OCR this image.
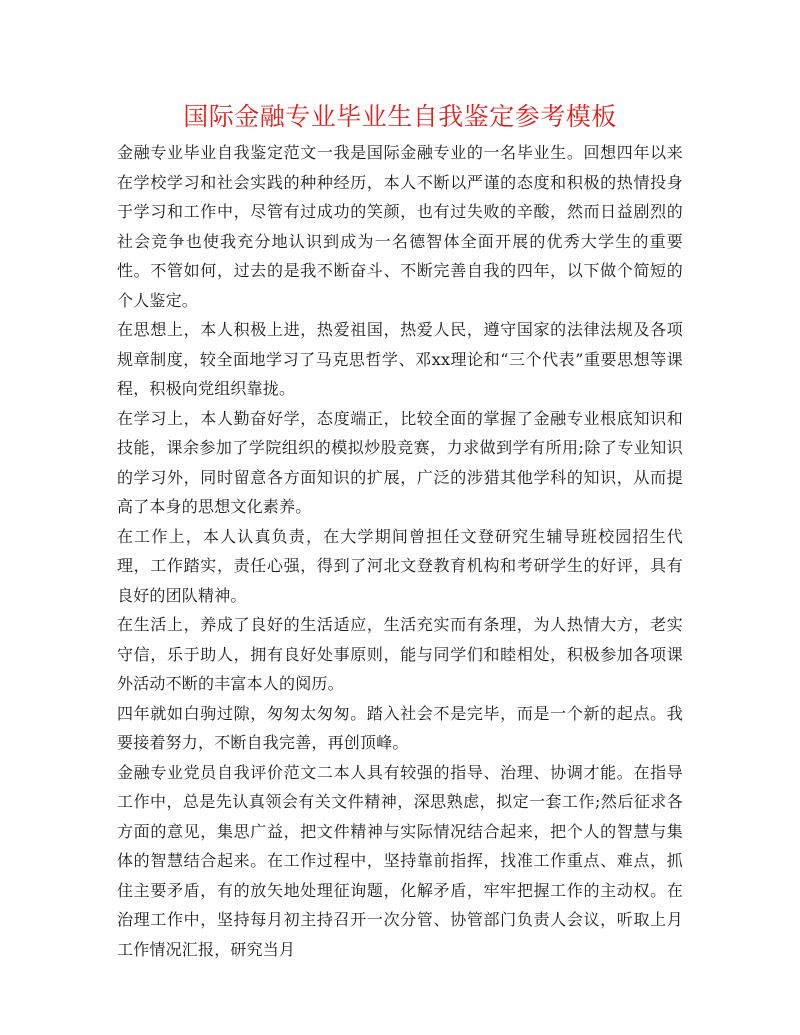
国际金融专业毕业生自我鉴定参考模板

金融专业毕业自我鉴定范文一我是国际金融专业的一名毕业生。回想四年以来在学校学习和社会实践的种种经历，本人不断以严谨的态度和积极的热情投身于学习和工作中，尽管有过成功的笑颜，也有过失败的辛酸，然而日益剧烈的社会竞争也使我充分地认识到成为一名德智体全面开展的优秀大学生的重要性。不管如何，过去的是我不断奋斗、不断完善自我的四年，以下做个简短的个人鉴定。

在思想上，本人积极上进，热爱祖国，热爱人民，遵守国家的法律法规及各项规章制度，较全面地学习了马克思哲学、邓xx理论和“三个代表”重要思想等课程，积极向党组织靠拢。

在学习上，本人勤奋好学，态度端正，比较全面的掌握了金融专业根底知识和技能，课余参加了学院组织的模拟炒股竞赛，力求做到学有所用;除了专业知识的学习外，同时留意各方面知识的扩展，广泛的涉猎其他学科的知识，从而提高了本身的思想文化素养。

在工作上，本人认真负责，在大学期间曾担任文登研究生辅导班校园招生代理，工作踏实，责任心强，得到了河北文登教育机构和考研学生的好评，具有良好的团队精神。

在生活上，养成了良好的生活适应，生活充实而有条理，为人热情大方，老实守信，乐于助人，拥有良好处事原则，能与同学们和睦相处，积极参加各项课外活动不断的丰富本人的阅历。

四年就如白驹过隙，匆匆太匆匆。踏入社会不是完毕，而是一个新的起点。我要接着努力，不断自我完善，再创顶峰。

金融专业党员自我评价范文二本人具有较强的指导、治理、协调才能。在指导工作中，总是先认真领会有关文件精神，深思熟虑，拟定一套工作;然后征求各方面的意见，集思广益，把文件精神与实际情况结合起来，把个人的智慧与集体的智慧结合起来。在工作过程中，坚持靠前指挥，找准工作重点、难点，抓住主要矛盾，有的放矢地处理征询题，化解矛盾，牢牢把握工作的主动权。在治理工作中，坚持每月初主持召开一次分管、协管部门负责人会议，听取上月工作情况汇报，研究当月
